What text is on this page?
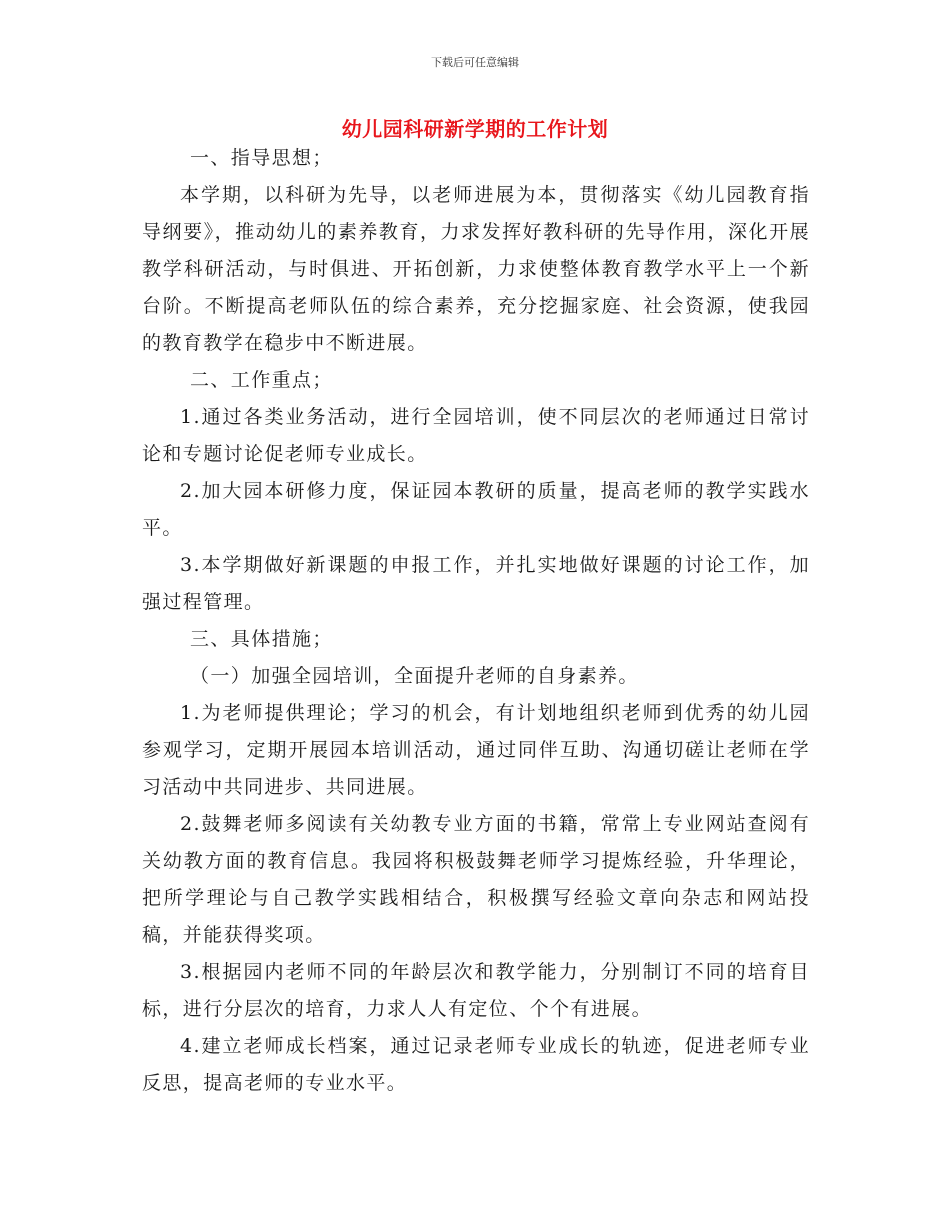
下载后可任意编辑
幼儿园科研新学期的工作计划

一、指导思想；

本学期，以科研为先导，以老师进展为本，贯彻落实《幼儿园教育指导纲要》，推动幼儿的素养教育，力求发挥好教科研的先导作用，深化开展教学科研活动，与时俱进、开拓创新，力求使整体教育教学水平上一个新台阶。不断提高老师队伍的综合素养，充分挖掘家庭、社会资源，使我园的教育教学在稳步中不断进展。

二、工作重点；

1.通过各类业务活动，进行全园培训，使不同层次的老师通过日常讨论和专题讨论促老师专业成长。

2.加大园本研修力度，保证园本教研的质量，提高老师的教学实践水平。

3.本学期做好新课题的申报工作，并扎实地做好课题的讨论工作，加强过程管理。

三、具体措施；

（一）加强全园培训，全面提升老师的自身素养。

1.为老师提供理论；学习的机会，有计划地组织老师到优秀的幼儿园参观学习，定期开展园本培训活动，通过同伴互助、沟通切磋让老师在学习活动中共同进步、共同进展。

2.鼓舞老师多阅读有关幼教专业方面的书籍，常常上专业网站查阅有关幼教方面的教育信息。我园将积极鼓舞老师学习提炼经验，升华理论，把所学理论与自己教学实践相结合，积极撰写经验文章向杂志和网站投稿，并能获得奖项。

3.根据园内老师不同的年龄层次和教学能力，分别制订不同的培育目标，进行分层次的培育，力求人人有定位、个个有进展。

4.建立老师成长档案，通过记录老师专业成长的轨迹，促进老师专业反思，提高老师的专业水平。
